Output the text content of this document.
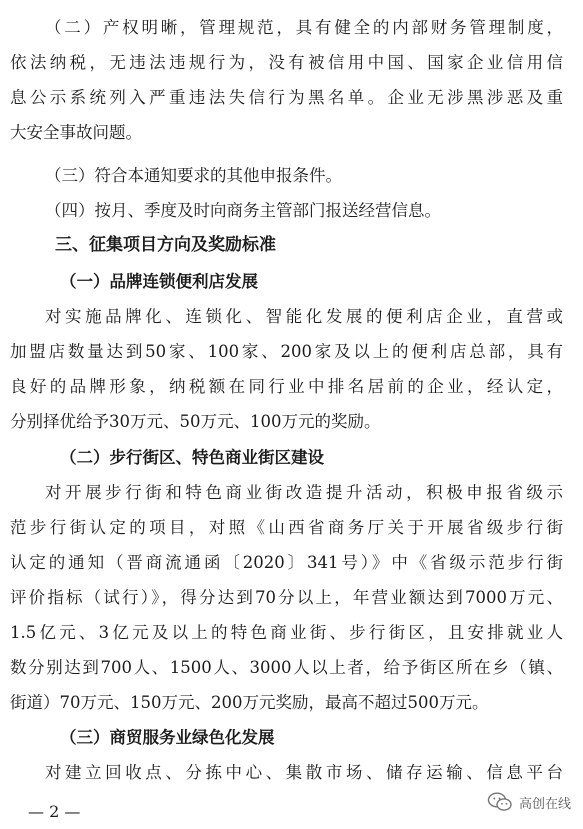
（二）产权明晰，管理规范，具有健全的内部财务管理制度，
依法纳税，无违法违规行为，没有被信用中国、国家企业信用信
息公示系统列入严重违法失信行为黑名单。企业无涉黑涉恶及重
大安全事故问题。
（三）符合本通知要求的其他申报条件。
（四）按月、季度及时向商务主管部门报送经营信息。
三、征集项目方向及奖励标准
（一）品牌连锁便利店发展
对实施品牌化、连锁化、智能化发展的便利店企业，直营或
加盟店数量达到50家、100家、200家及以上的便利店总部，具有
良好的品牌形象，纳税额在同行业中排名居前的企业，经认定，
分别择优给予30万元、50万元、100万元的奖励。
（二）步行街区、特色商业街区建设
对开展步行街和特色商业街改造提升活动，积极申报省级示
范步行街认定的项目，对照《山西省商务厅关于开展省级步行街
认定的通知（晋商流通函〔2020〕341号）》中《省级示范步行街
评价指标（试行）》，得分达到70分以上，年营业额达到7000万元、
1.5亿元、3亿元及以上的特色商业街、步行街区，且安排就业人
数分别达到700人、1500人、3000人以上者，给予街区所在乡（镇、
街道）70万元、150万元、200万元奖励，最高不超过500万元。
（三）商贸服务业绿色化发展
对建立回收点、分拣中心、集散市场、储存运输、信息平台
— 2 —	高创在线
